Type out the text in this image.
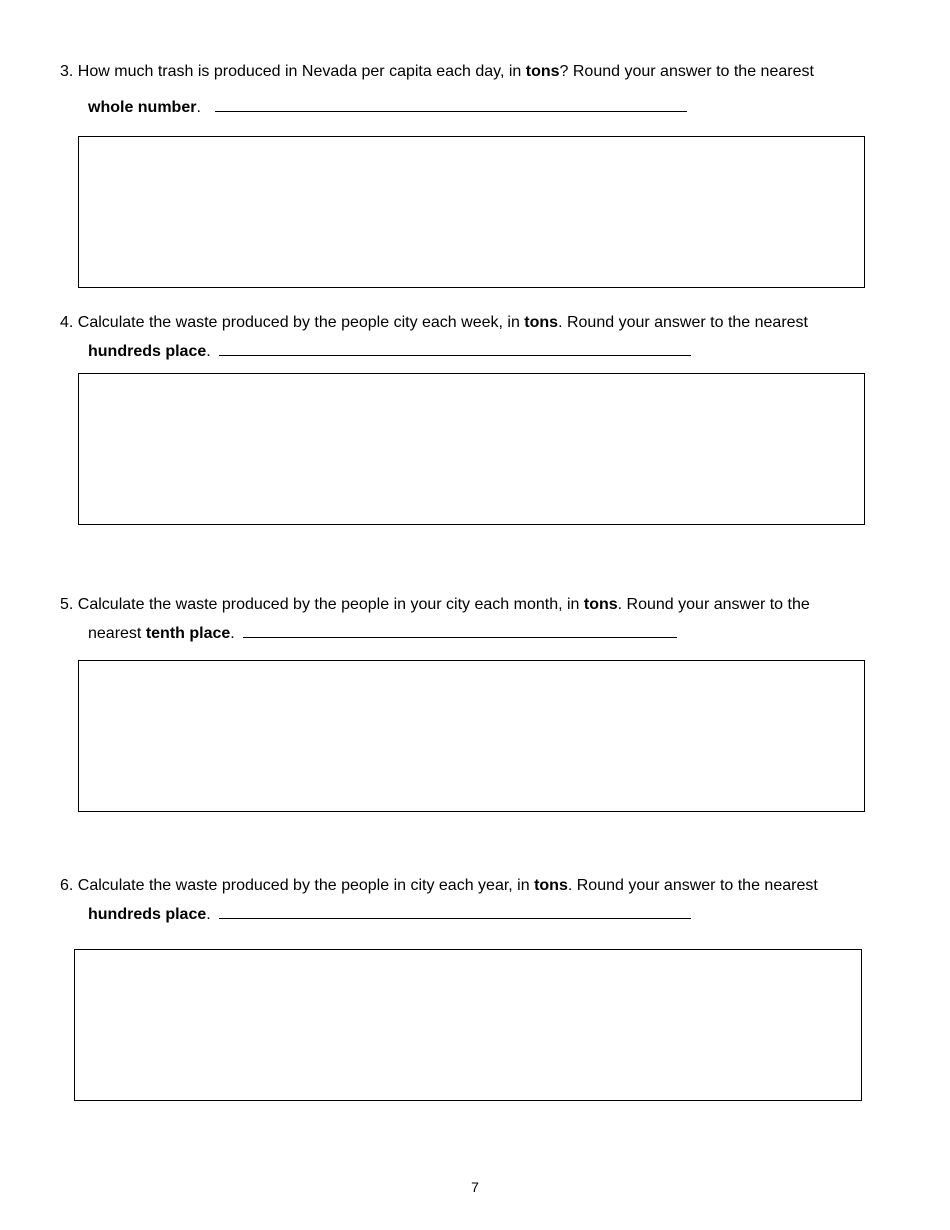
3. How much trash is produced in Nevada per capita each day, in tons? Round your answer to the nearest
whole number.
4. Calculate the waste produced by the people city each week, in tons. Round your answer to the nearest
hundreds place.
5. Calculate the waste produced by the people in your city each month, in tons. Round your answer to the
nearest tenth place.
6. Calculate the waste produced by the people in city each year, in tons. Round your answer to the nearest
hundreds place.
7
